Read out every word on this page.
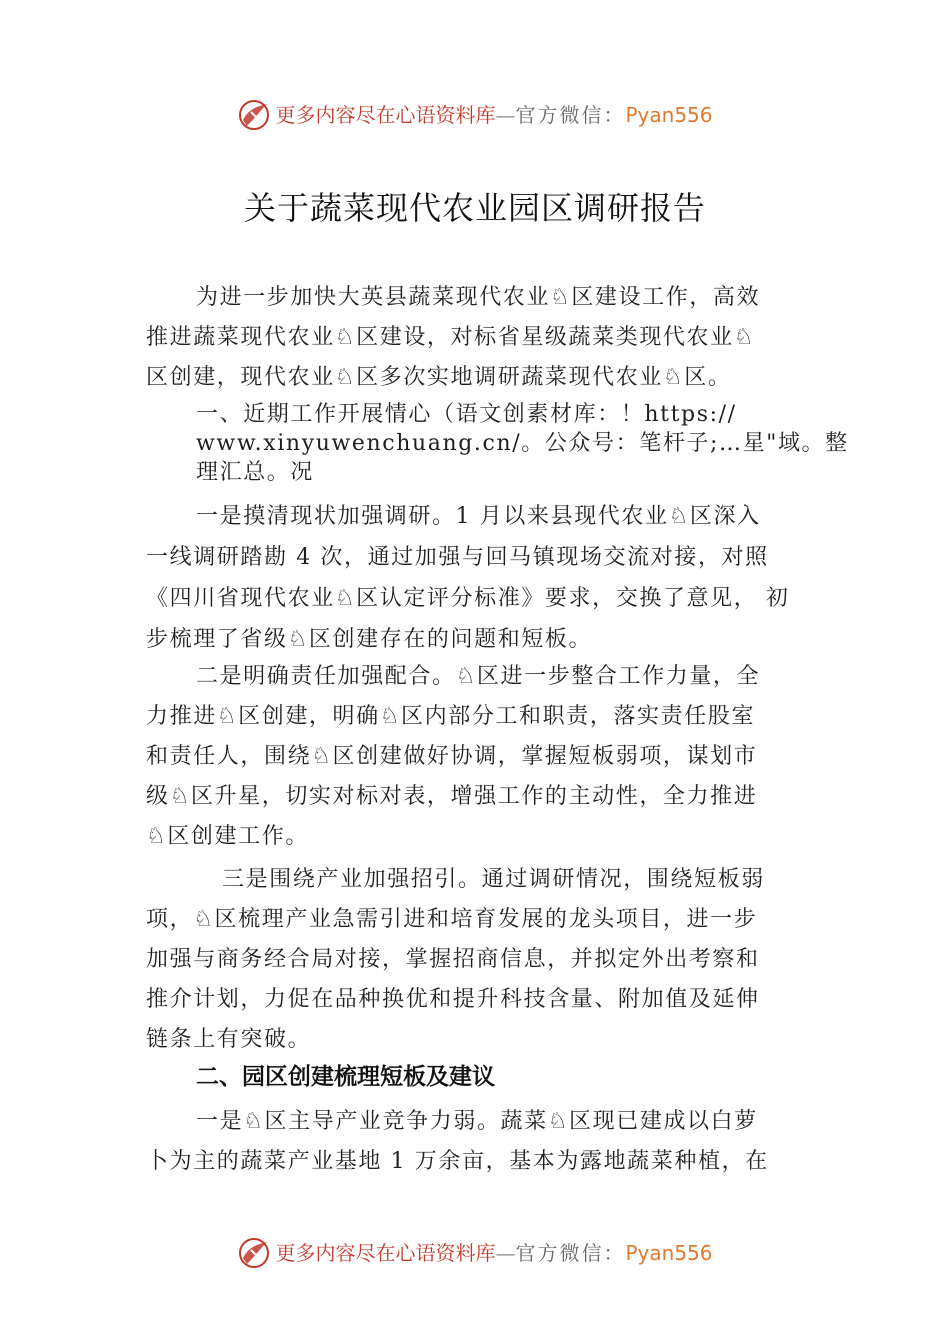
更多内容尽在心语资料库—官方微信：Pyan556
关于蔬菜现代农业园区调研报告
为进一步加快大英县蔬菜现代农业♘区建设工作，高效
推进蔬菜现代农业♘区建设，对标省星级蔬菜类现代农业♘
区创建，现代农业♘区多次实地调研蔬菜现代农业♘区。
一、近期工作开展情心（语文创素材库：！https://
www.xinyuwenchuang.cn/。公众号：笔杆子;…星"域。整
理汇总。况
一是摸清现状加强调研。1 月以来县现代农业♘区深入
一线调研踏勘 4 次，通过加强与回马镇现场交流对接，对照
《四川省现代农业♘区认定评分标准》要求，交换了意见， 初
步梳理了省级♘区创建存在的问题和短板。
二是明确责任加强配合。♘区进一步整合工作力量，全
力推进♘区创建，明确♘区内部分工和职责，落实责任股室
和责任人，围绕♘区创建做好协调，掌握短板弱项，谋划市
级♘区升星，切实对标对表，增强工作的主动性，全力推进
♘区创建工作。
三是围绕产业加强招引。通过调研情况，围绕短板弱
项，♘区梳理产业急需引进和培育发展的龙头项目，进一步
加强与商务经合局对接，掌握招商信息，并拟定外出考察和
推介计划，力促在品种换优和提升科技含量、附加值及延伸
链条上有突破。
二、园区创建梳理短板及建议
一是♘区主导产业竞争力弱。蔬菜♘区现已建成以白萝
卜为主的蔬菜产业基地 1 万余亩，基本为露地蔬菜种植，在
更多内容尽在心语资料库—官方微信：Pyan556
